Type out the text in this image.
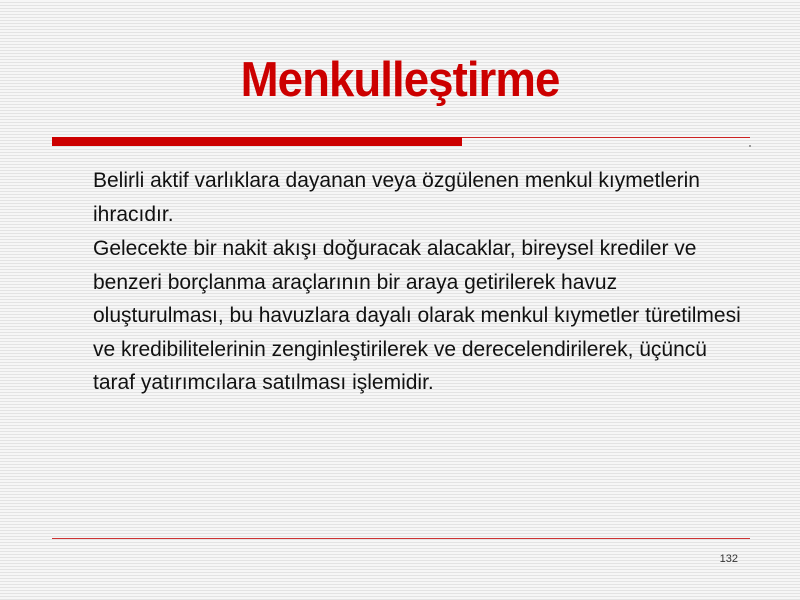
Menkulleştirme

Belirli aktif varlıklara dayanan veya özgülenen menkul kıymetlerin ihracıdır.

Gelecekte bir nakit akışı doğuracak alacaklar, bireysel krediler ve benzeri borçlanma araçlarının bir araya getirilerek havuz oluşturulması, bu havuzlara dayalı olarak menkul kıymetler türetilmesi ve kredibilitelerinin zenginleştirilerek ve derecelendirilerek, üçüncü taraf yatırımcılara satılması işlemidir.

132
